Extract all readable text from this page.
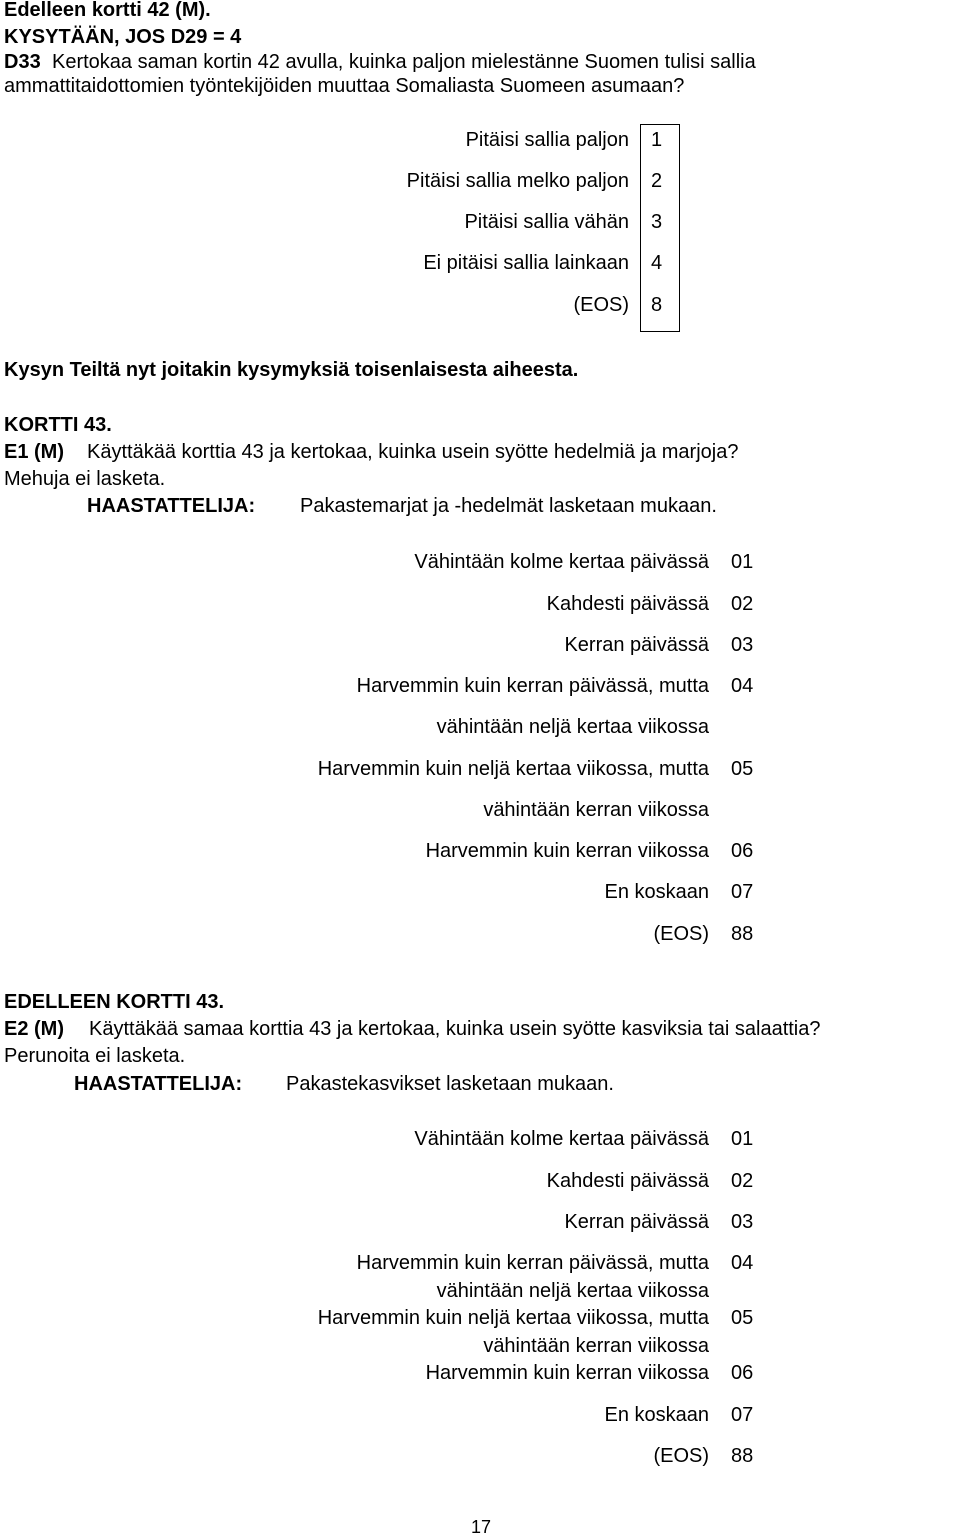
Edelleen kortti 42 (M).
KYSYTÄÄN, JOS D29 = 4
D33 Kertokaa saman kortin 42 avulla, kuinka paljon mielestänne Suomen tulisi sallia
ammattitaidottomien työntekijöiden muuttaa Somaliasta Suomeen asumaan?
Pitäisi sallia paljon 1
Pitäisi sallia melko paljon 2
Pitäisi sallia vähän 3
Ei pitäisi sallia lainkaan 4
(EOS) 8
Kysyn Teiltä nyt joitakin kysymyksiä toisenlaisesta aiheesta.
KORTTI 43.
E1 (M) Käyttäkää korttia 43 ja kertokaa, kuinka usein syötte hedelmiä ja marjoja?
Mehuja ei lasketa.
HAASTATTELIJA: Pakastemarjat ja -hedelmät lasketaan mukaan.
Vähintään kolme kertaa päivässä 01
Kahdesti päivässä 02
Kerran päivässä 03
Harvemmin kuin kerran päivässä, mutta 04
vähintään neljä kertaa viikossa
Harvemmin kuin neljä kertaa viikossa, mutta 05
vähintään kerran viikossa
Harvemmin kuin kerran viikossa 06
En koskaan 07
(EOS) 88
EDELLEEN KORTTI 43.
E2 (M) Käyttäkää samaa korttia 43 ja kertokaa, kuinka usein syötte kasviksia tai salaattia?
Perunoita ei lasketa.
HAASTATTELIJA: Pakastekasvikset lasketaan mukaan.
Vähintään kolme kertaa päivässä 01
Kahdesti päivässä 02
Kerran päivässä 03
Harvemmin kuin kerran päivässä, mutta 04
vähintään neljä kertaa viikossa
Harvemmin kuin neljä kertaa viikossa, mutta 05
vähintään kerran viikossa
Harvemmin kuin kerran viikossa 06
En koskaan 07
(EOS) 88
17
